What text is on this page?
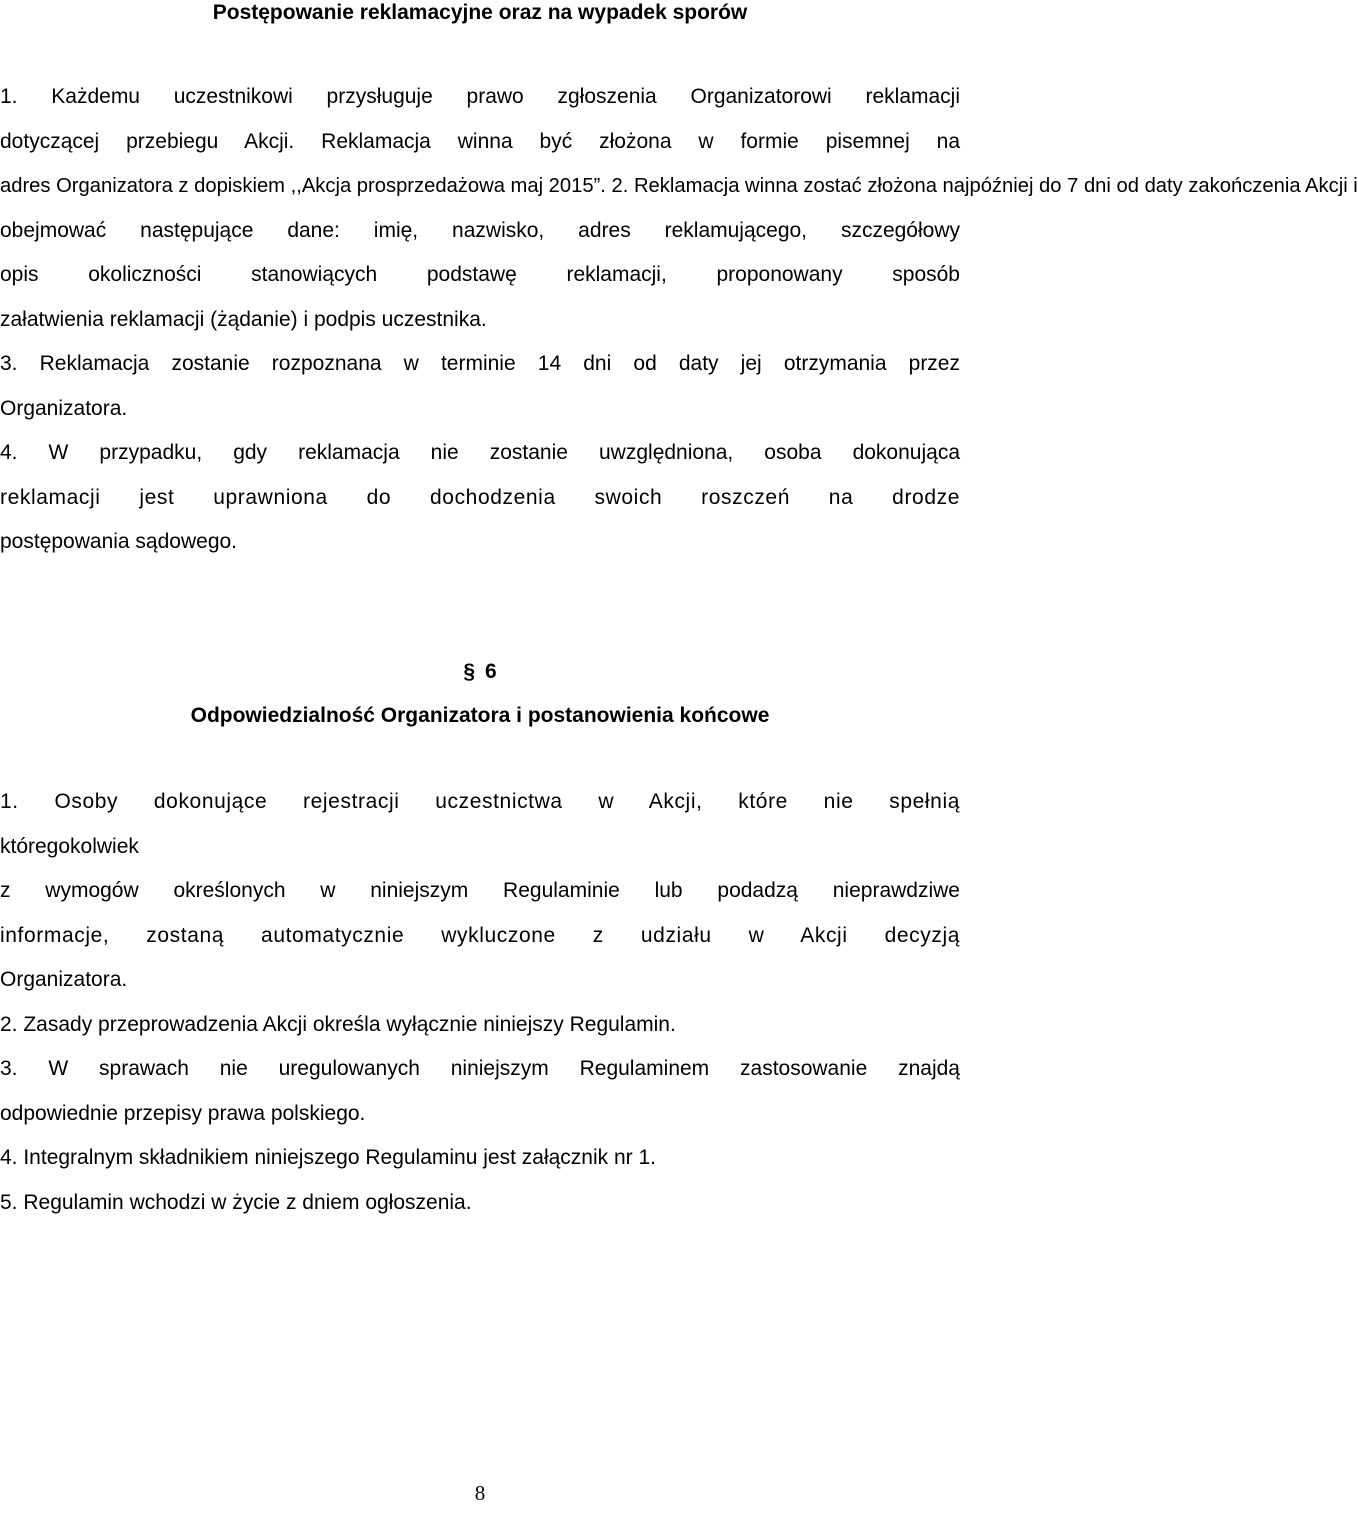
Postępowanie reklamacyjne oraz na wypadek sporów
1. Każdemu uczestnikowi przysługuje prawo zgłoszenia Organizatorowi reklamacji
dotyczącej przebiegu Akcji. Reklamacja winna być złożona w formie pisemnej na
adres Organizatora z dopiskiem ,,Akcja prosprzedażowa maj 2015”. 2. Reklamacja winna zostać złożona najpóźniej do 7 dni od daty zakończenia Akcji i
obejmować następujące dane: imię, nazwisko, adres reklamującego, szczegółowy
opis okoliczności stanowiących podstawę reklamacji, proponowany sposób
załatwienia reklamacji (żądanie) i podpis uczestnika.
3. Reklamacja zostanie rozpoznana w terminie 14 dni od daty jej otrzymania przez
Organizatora.
4. W przypadku, gdy reklamacja nie zostanie uwzględniona, osoba dokonująca
reklamacji jest uprawniona do dochodzenia swoich roszczeń na drodze
postępowania sądowego.
§ 6
Odpowiedzialność Organizatora i postanowienia końcowe
1. Osoby dokonujące rejestracji uczestnictwa w Akcji, które nie spełnią
któregokolwiek
z wymogów określonych w niniejszym Regulaminie lub podadzą nieprawdziwe
informacje, zostaną automatycznie wykluczone z udziału w Akcji decyzją
Organizatora.
2. Zasady przeprowadzenia Akcji określa wyłącznie niniejszy Regulamin.
3. W sprawach nie uregulowanych niniejszym Regulaminem zastosowanie znajdą
odpowiednie przepisy prawa polskiego.
4. Integralnym składnikiem niniejszego Regulaminu jest załącznik nr 1.
5. Regulamin wchodzi w życie z dniem ogłoszenia.
8
